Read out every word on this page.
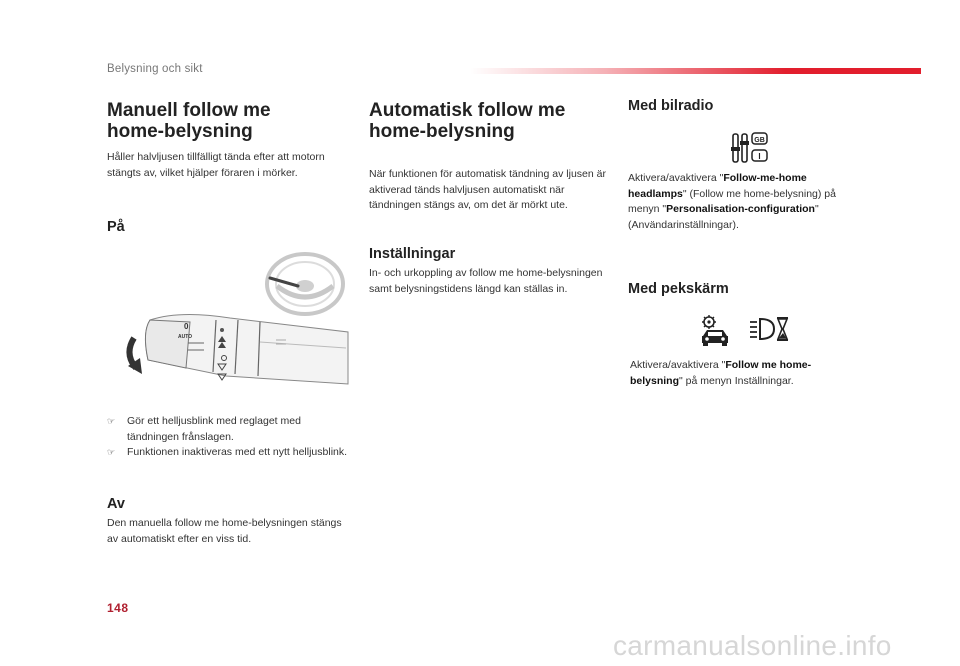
Belysning och sikt
Manuell follow me
home-belysning

Håller halvljusen tillfälligt tända efter att motorn stängts av, vilket hjälper föraren i mörker.

På
0
AUTO
☞ Gör ett helljusblink med reglaget med tändningen frånslagen.
☞ Funktionen inaktiveras med ett nytt helljusblink.
Av

Den manuella follow me home-belysningen stängs av automatiskt efter en viss tid.

Automatisk follow me
home-belysning

När funktionen för automatisk tändning av ljusen är aktiverad tänds halvljusen automatiskt när tändningen stängs av, om det är mörkt ute.

Inställningar

In- och urkoppling av follow me home-belysningen samt belysningstidens längd kan ställas in.

Med bilradio
GB
I

Aktivera/avaktivera "Follow-me-home headlamps" (Follow me home-belysning) på menyn "Personalisation-configuration" (Användarinställningar).

Med pekskärm

Aktivera/avaktivera "Follow me home-belysning" på menyn Inställningar.

148
carmanualsonline.info
